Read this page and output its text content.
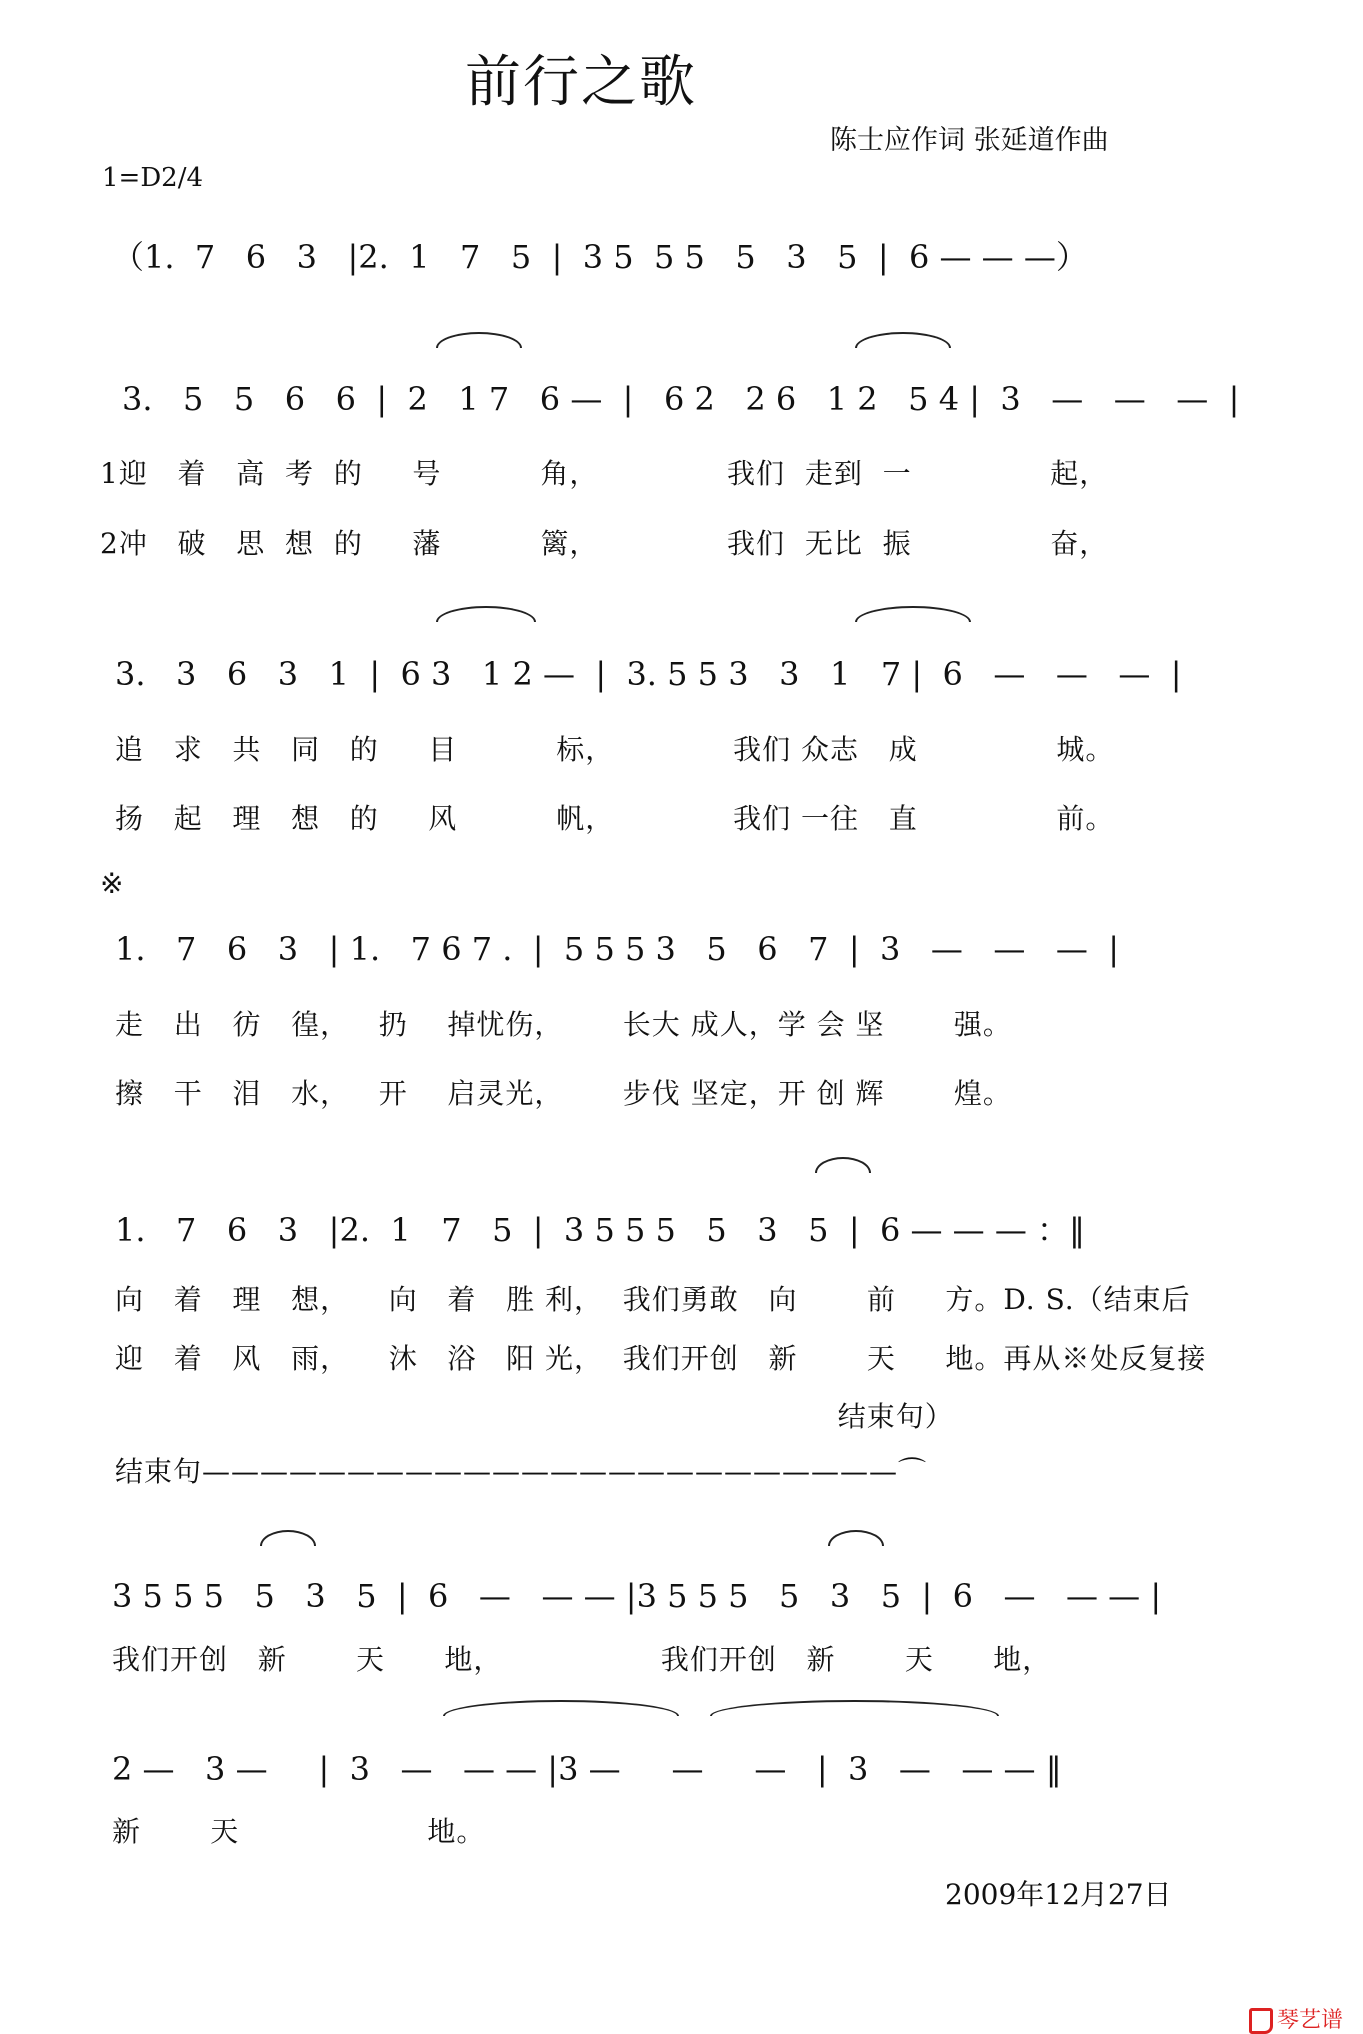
前行之歌
陈士应作词 张延道作曲
1=D2/4
（1.  7   6   3   |2.  1   7   5  |  3 5  5 5   5   3   5  |  6 — — —）
3.   5   5   6   6  |  2   1 7   6 —  |   6 2   2 6   1 2   5 4 |  3   —   —   —  |
1迎   着   高  考  的     号          角，             我们  走到  一              起，
2冲   破   思  想  的     藩          篱，             我们  无比  振              奋，
3.   3   6   3   1  |  6 3   1 2 —  |  3. 5 5 3   3   1   7 |  6   —   —   —  |
追   求   共   同   的     目          标，            我们 众志   成              城。
扬   起   理   想   的     风          帆，            我们 一往   直              前。
※
1.   7   6   3   | 1.   7 6 7 .  |  5 5 5 3   5   6   7  |  3   —   —   —  |
走   出   彷   徨，   扔    掉忧伤，      长大 成人，学 会 坚       强。
擦   干   泪   水，   开    启灵光，      步伐 坚定，开 创 辉       煌。
1.   7   6   3   |2.  1   7   5  |  3 5 5 5   5   3   5  |  6 — — — ：‖
向   着   理   想，    向   着   胜 利，  我们勇敢   向       前     方。D. S.（结束后
迎   着   风   雨，    沐   浴   阳 光，  我们开创   新       天     地。再从※处反复接
结束句）
结束句————————————————————————⌒
3 5 5 5   5   3   5  |  6   —   — — |3 5 5 5   5   3   5  |  6   —   — — |
我们开创   新       天      地，                我们开创   新       天      地，
2 —   3 —     |  3   —   — — |3 —     —     —   |  3   —   — — ‖
新       天                   地。
2009年12月27日

琴艺谱
